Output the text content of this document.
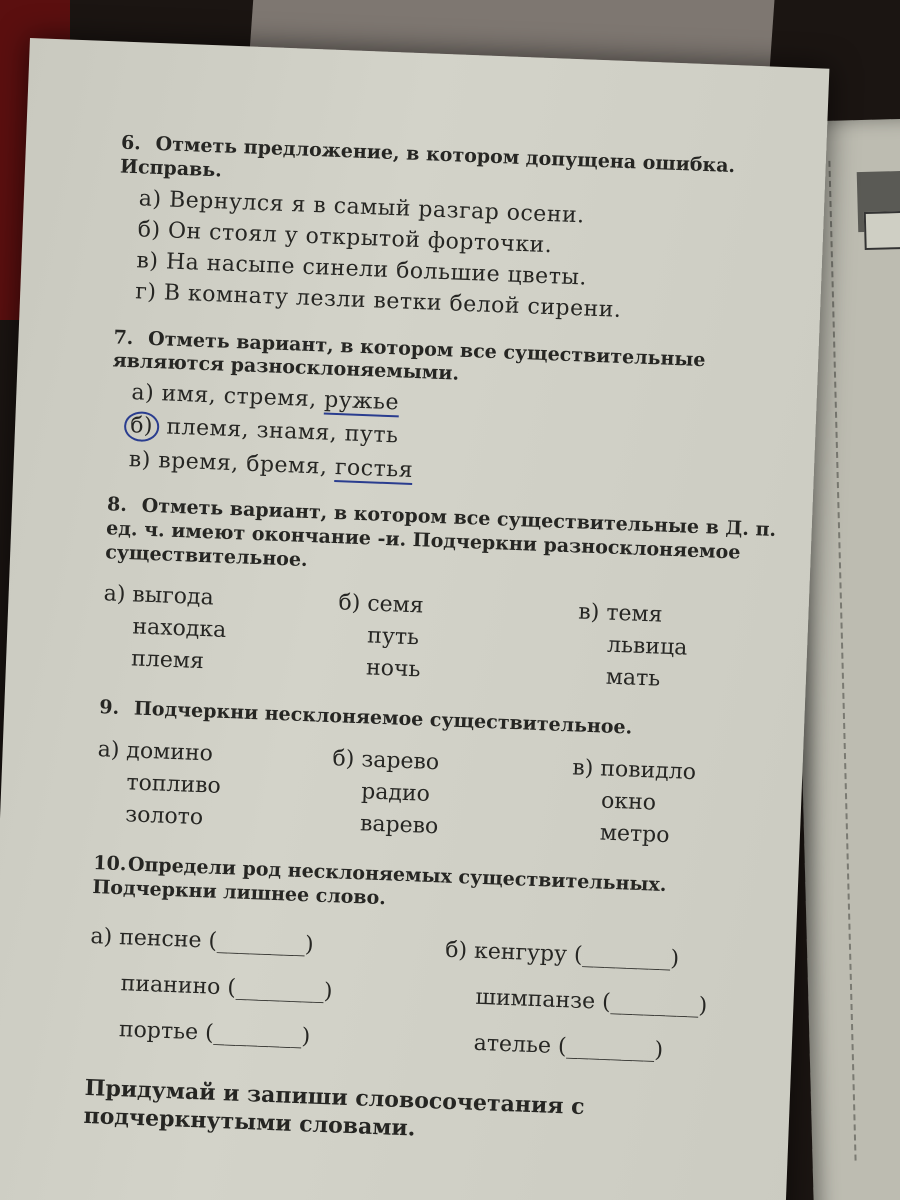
6. Отметь предложение, в котором допущена ошибка. Исправь.
а) Вернулся я в самый разгар осени.
б) Он стоял у открытой форточки.
в) На насыпе синели большие цветы.
г) В комнату лезли ветки белой сирени.
7. Отметь вариант, в котором все существительные являются разносклоняемыми.
а) имя, стремя, ружье
б) племя, знамя, путь
в) время, бремя, гостья
8. Отметь вариант, в котором все существительные в Д. п. ед. ч. имеют окончание -и. Подчеркни разносклоняемое существительное.
а) выгода
находка
племя
б) семя
путь
ночь
в) темя
львица
мать
9. Подчеркни несклоняемое существительное.
а) домино
топливо
золото
б) зарево
радио
варево
в) повидло
окно
метро
10. Определи род несклоняемых существительных. Подчеркни лишнее слово.
а) пенсне (________)
пианино (________)
портье (________)
б) кенгуру (________)
шимпанзе (________)
ателье (________)
Придумай и запиши словосочетания с подчеркнутыми словами.
